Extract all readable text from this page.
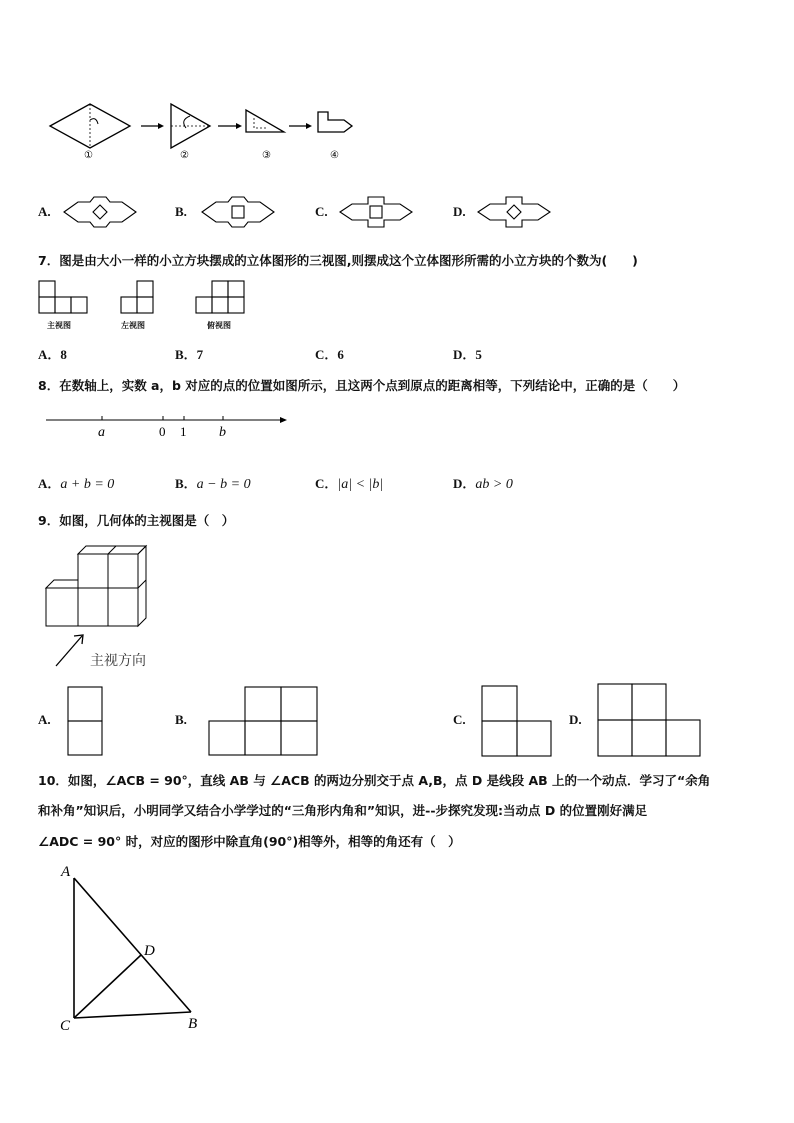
①	②	③	④
A.	B.	C.	D.
7．图是由大小一样的小立方块摆成的立体图形的三视图,则摆成这个立体图形所需的小立方块的个数为(　　)
主视图	左视图	俯视图
A．8	B．7	C．6	D．5
8．在数轴上，实数 a，b 对应的点的位置如图所示，且这两个点到原点的距离相等，下列结论中，正确的是（　　）
a	0 1 b
A．a + b = 0	B．a − b = 0	C．|a| < |b|	D．ab > 0
9．如图，几何体的主视图是（　）
主视方向
A.	B.	C.	D.
10．如图，∠ACB = 90°，直线 AB 与 ∠ACB 的两边分别交于点 A,B，点 D 是线段 AB 上的一个动点．学习了“余角
和补角”知识后，小明同学又结合小学学过的“三角形内角和”知识，进--步探究发现:当动点 D 的位置刚好满足
∠ADC = 90° 时，对应的图形中除直角(90°)相等外，相等的角还有（　）
A
D
C	B
